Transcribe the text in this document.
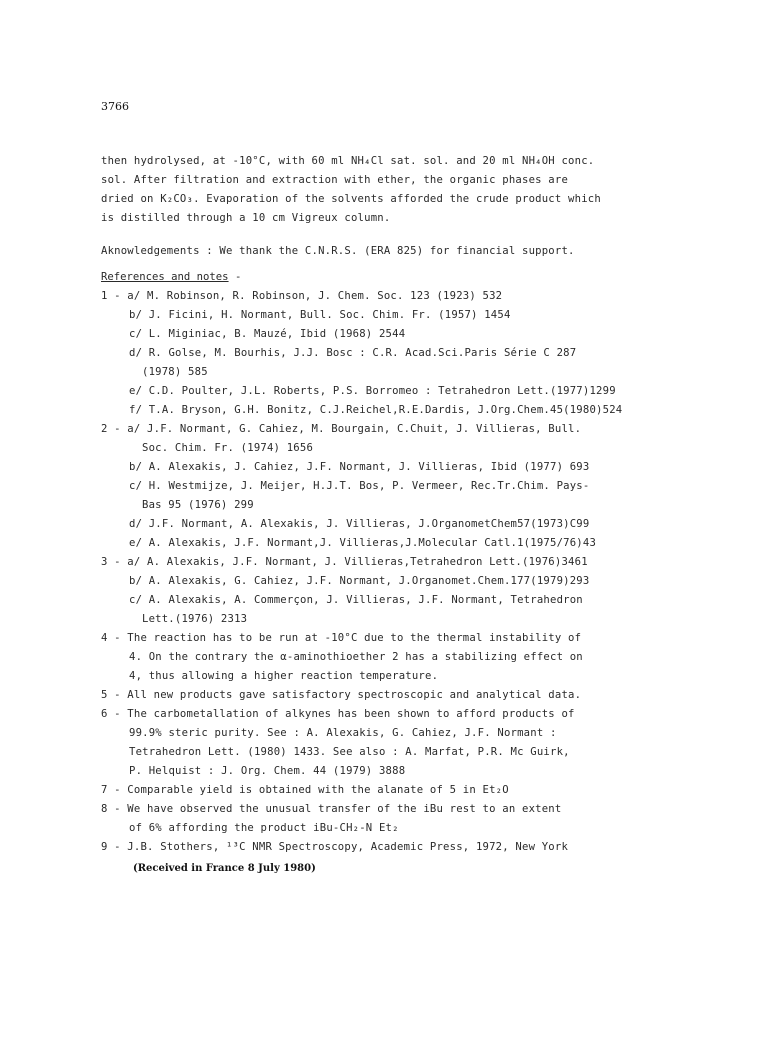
3766

then hydrolysed, at -10°C, with 60 ml NH₄Cl sat. sol. and 20 ml NH₄OH conc.

sol. After filtration and extraction with ether, the organic phases are

dried on K₂CO₃. Evaporation of the solvents afforded the crude product which

is distilled through a 10 cm Vigreux column.

Aknowledgements : We thank the C.N.R.S. (ERA 825) for financial support.

References and notes -
1 - a/ M. Robinson, R. Robinson, J. Chem. Soc. 123 (1923) 532
b/ J. Ficini, H. Normant, Bull. Soc. Chim. Fr. (1957) 1454
c/ L. Miginiac, B. Mauzé, Ibid (1968) 2544
d/ R. Golse, M. Bourhis, J.J. Bosc : C.R. Acad.Sci.Paris Série C 287
(1978) 585
e/ C.D. Poulter, J.L. Roberts, P.S. Borromeo : Tetrahedron Lett.(1977)1299
f/ T.A. Bryson, G.H. Bonitz, C.J.Reichel,R.E.Dardis, J.Org.Chem.45(1980)524
2 - a/ J.F. Normant, G. Cahiez, M. Bourgain, C.Chuit, J. Villieras, Bull.
Soc. Chim. Fr. (1974) 1656
b/ A. Alexakis, J. Cahiez, J.F. Normant, J. Villieras, Ibid (1977) 693
c/ H. Westmijze, J. Meijer, H.J.T. Bos, P. Vermeer, Rec.Tr.Chim. Pays-
Bas 95 (1976) 299
d/ J.F. Normant, A. Alexakis, J. Villieras, J.OrganometChem57(1973)C99
e/ A. Alexakis, J.F. Normant,J. Villieras,J.Molecular Catl.1(1975/76)43
3 - a/ A. Alexakis, J.F. Normant, J. Villieras,Tetrahedron Lett.(1976)3461
b/ A. Alexakis, G. Cahiez, J.F. Normant, J.Organomet.Chem.177(1979)293
c/ A. Alexakis, A. Commerçon, J. Villieras, J.F. Normant, Tetrahedron
Lett.(1976) 2313
4 - The reaction has to be run at -10°C due to the thermal instability of
4. On the contrary the α-aminothioether 2 has a stabilizing effect on
4, thus allowing a higher reaction temperature.
5 - All new products gave satisfactory spectroscopic and analytical data.
6 - The carbometallation of alkynes has been shown to afford products of
99.9% steric purity. See : A. Alexakis, G. Cahiez, J.F. Normant :
Tetrahedron Lett. (1980) 1433. See also : A. Marfat, P.R. Mc Guirk,
P. Helquist : J. Org. Chem. 44 (1979) 3888
7 - Comparable yield is obtained with the alanate of 5 in Et₂O
8 - We have observed the unusual transfer of the iBu rest to an extent
of 6% affording the product iBu-CH₂-N Et₂
9 - J.B. Stothers, ¹³C NMR Spectroscopy, Academic Press, 1972, New York
(Received in France 8 July 1980)
